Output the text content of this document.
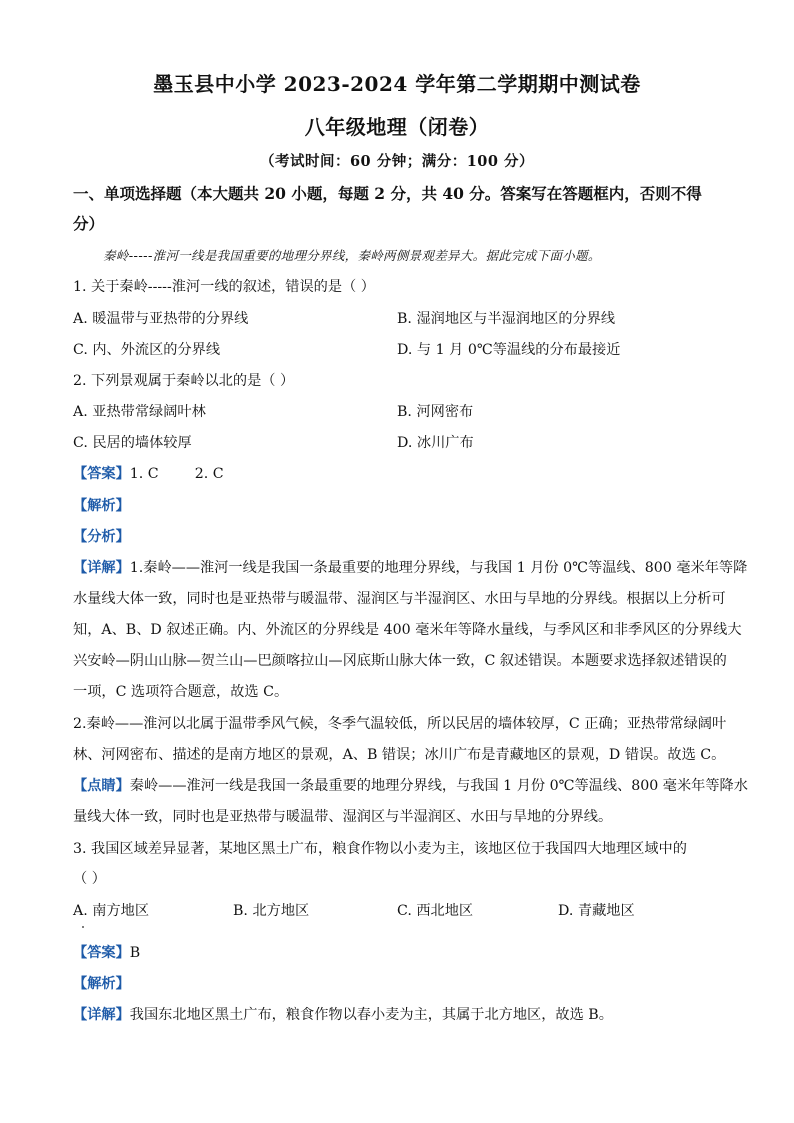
墨玉县中小学 2023-2024 学年第二学期期中测试卷
八年级地理（闭卷）
（考试时间：60 分钟；满分：100 分）
一、单项选择题（本大题共 20 小题，每题 2 分，共 40 分。答案写在答题框内，否则不得
分）
秦岭-----淮河一线是我国重要的地理分界线，秦岭两侧景观差异大。据此完成下面小题。
1. 关于秦岭-----淮河一线的叙述，错误的是（ ）
A. 暖温带与亚热带的分界线	B. 湿润地区与半湿润地区的分界线
C. 内、外流区的分界线	D. 与 1 月 0℃等温线的分布最接近
2. 下列景观属于秦岭以北的是（ ）
A. 亚热带常绿阔叶林	B. 河网密布
C. 民居的墙体较厚	D. 冰川广布
【答案】1. C        2. C
【解析】
【分析】
【详解】1.秦岭——淮河一线是我国一条最重要的地理分界线，与我国 1 月份 0℃等温线、800 毫米年等降
水量线大体一致，同时也是亚热带与暖温带、湿润区与半湿润区、水田与旱地的分界线。根据以上分析可
知，A、B、D 叙述正确。内、外流区的分界线是 400 毫米年等降水量线，与季风区和非季风区的分界线大
兴安岭—阴山山脉—贺兰山—巴颜喀拉山—冈底斯山脉大体一致，C 叙述错误。本题要求选择叙述错误的
一项，C 选项符合题意，故选 C。
2.秦岭——淮河以北属于温带季风气候，冬季气温较低，所以民居的墙体较厚，C 正确；亚热带常绿阔叶
林、河网密布、描述的是南方地区的景观，A、B 错误；冰川广布是青藏地区的景观，D 错误。故选 C。
【点睛】秦岭——淮河一线是我国一条最重要的地理分界线，与我国 1 月份 0℃等温线、800 毫米年等降水
量线大体一致，同时也是亚热带与暖温带、湿润区与半湿润区、水田与旱地的分界线。
3. 我国区域差异显著，某地区黑土广布，粮食作物以小麦为主，该地区位于我国四大地理区域中的
（ ）
A. 南方地区	B. 北方地区	C. 西北地区	D. 青藏地区
【答案】B
【解析】
【详解】我国东北地区黑土广布，粮食作物以春小麦为主，其属于北方地区，故选 B。
